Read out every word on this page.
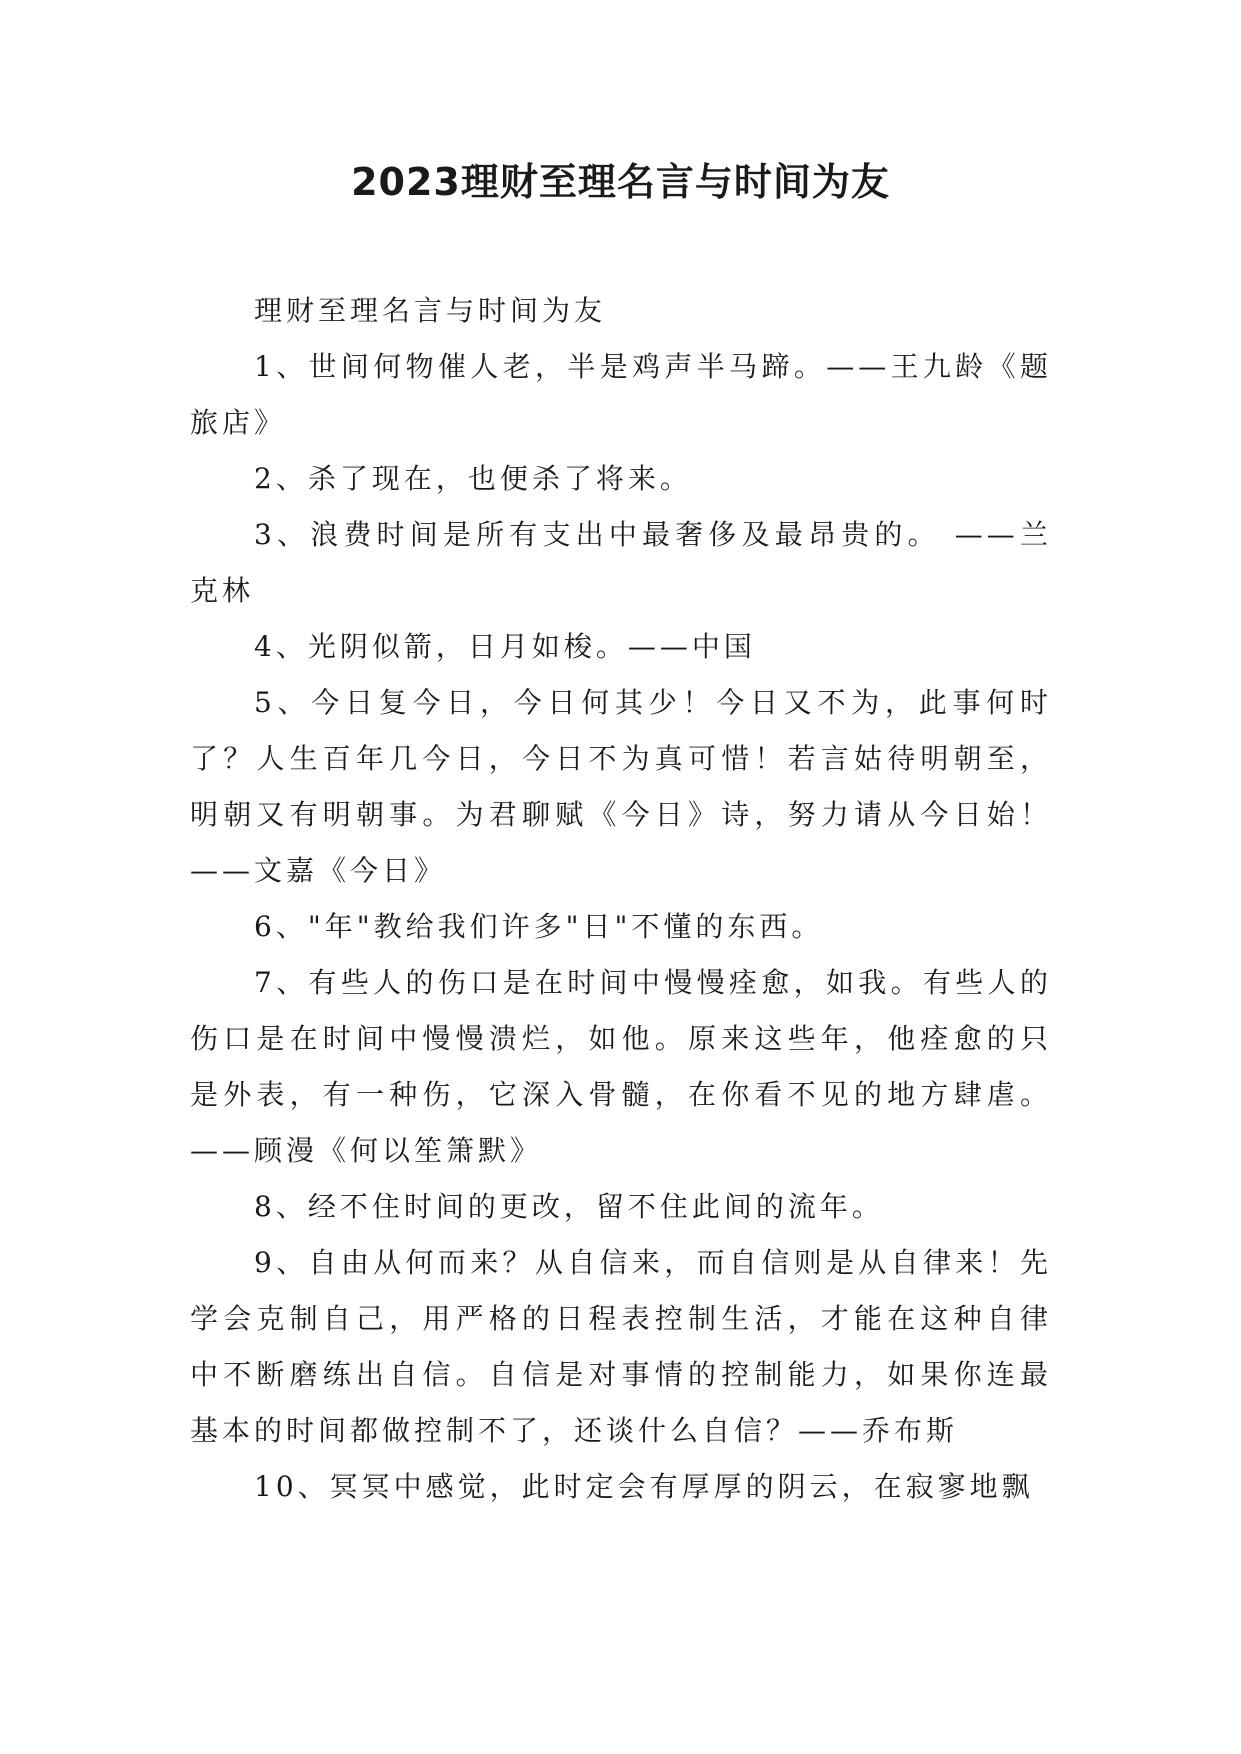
2023理财至理名言与时间为友

理财至理名言与时间为友

1、世间何物催人老，半是鸡声半马蹄。——王九龄《题旅店》

2、杀了现在，也便杀了将来。

3、浪费时间是所有支出中最奢侈及最昂贵的。 ——兰克林

4、光阴似箭，日月如梭。——中国

5、今日复今日，今日何其少！今日又不为，此事何时了？人生百年几今日，今日不为真可惜！若言姑待明朝至，明朝又有明朝事。为君聊赋《今日》诗，努力请从今日始！——文嘉《今日》

6、"年"教给我们许多"日"不懂的东西。

7、有些人的伤口是在时间中慢慢痊愈，如我。有些人的伤口是在时间中慢慢溃烂，如他。原来这些年，他痊愈的只是外表，有一种伤，它深入骨髓，在你看不见的地方肆虐。——顾漫《何以笙箫默》

8、经不住时间的更改，留不住此间的流年。

9、自由从何而来？从自信来，而自信则是从自律来！先学会克制自己，用严格的日程表控制生活，才能在这种自律中不断磨练出自信。自信是对事情的控制能力，如果你连最基本的时间都做控制不了，还谈什么自信？——乔布斯

10、冥冥中感觉，此时定会有厚厚的阴云，在寂寥地飘
